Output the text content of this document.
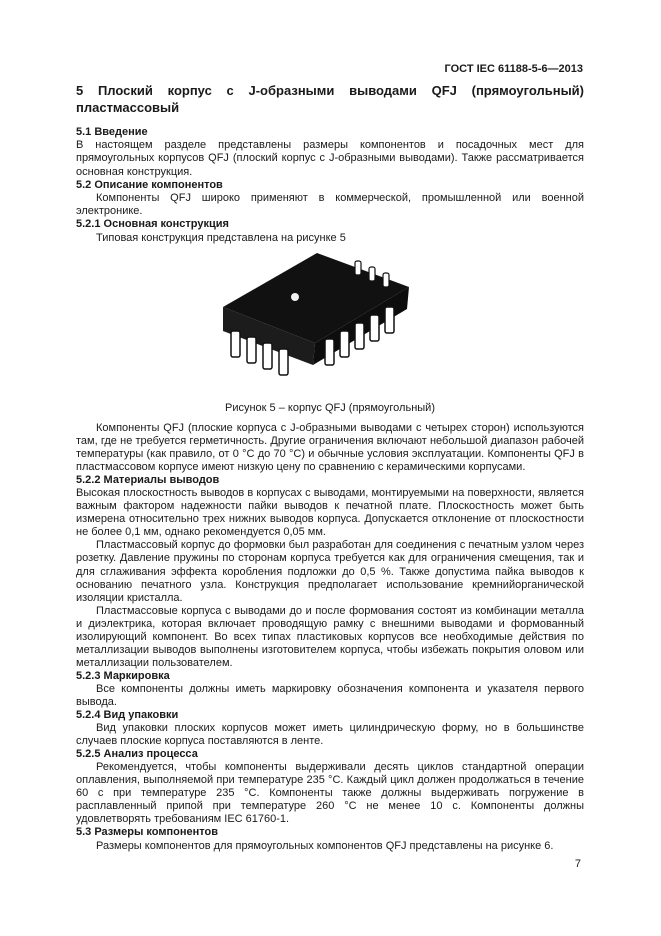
ГОСТ IEC 61188-5-6—2013
5 Плоский корпус с J-образными выводами QFJ (прямоугольный) пластмассовый

5.1 Введение

В настоящем разделе представлены размеры компонентов и посадочных мест для прямоугольных корпусов QFJ (плоский корпус с J-образными выводами). Также рассматривается основная конструкция.

5.2 Описание компонентов

Компоненты QFJ широко применяют в коммерческой, промышленной или военной электронике.

5.2.1 Основная конструкция

Типовая конструкция представлена на рисунке 5

Рисунок 5 – корпус QFJ (прямоугольный)

Компоненты QFJ (плоские корпуса с J-образными выводами с четырех сторон) используются там, где не требуется герметичность. Другие ограничения включают небольшой диапазон рабочей температуры (как правило, от 0 °C до 70 °C) и обычные условия эксплуатации. Компоненты QFJ в пластмассовом корпусе имеют низкую цену по сравнению с керамическими корпусами.

5.2.2 Материалы выводов

Высокая плоскостность выводов в корпусах с выводами, монтируемыми на поверхности, является важным фактором надежности пайки выводов к печатной плате. Плоскостность может быть измерена относительно трех нижних выводов корпуса. Допускается отклонение от плоскостности не более 0,1 мм, однако рекомендуется 0,05 мм.

Пластмассовый корпус до формовки был разработан для соединения с печатным узлом через розетку. Давление пружины по сторонам корпуса требуется как для ограничения смещения, так и для сглаживания эффекта коробления подложки до 0,5 %. Также допустима пайка выводов к основанию печатного узла. Конструкция предполагает использование кремнийорганической изоляции кристалла.

Пластмассовые корпуса с выводами до и после формования состоят из комбинации металла и диэлектрика, которая включает проводящую рамку с внешними выводами и формованный изолирующий компонент. Во всех типах пластиковых корпусов все необходимые действия по металлизации выводов выполнены изготовителем корпуса, чтобы избежать покрытия оловом или металлизации пользователем.

5.2.3 Маркировка

Все компоненты должны иметь маркировку обозначения компонента и указателя первого вывода.

5.2.4 Вид упаковки

Вид упаковки плоских корпусов может иметь цилиндрическую форму, но в большинстве случаев плоские корпуса поставляются в ленте.

5.2.5 Анализ процесса

Рекомендуется, чтобы компоненты выдерживали десять циклов стандартной операции оплавления, выполняемой при температуре 235 °C. Каждый цикл должен продолжаться в течение 60 с при температуре 235 °C. Компоненты также должны выдерживать погружение в расплавленный припой при температуре 260 °C не менее 10 с. Компоненты должны удовлетворять требованиям IEC 61760-1.

5.3 Размеры компонентов

Размеры компонентов для прямоугольных компонентов QFJ представлены на рисунке 6.

7
